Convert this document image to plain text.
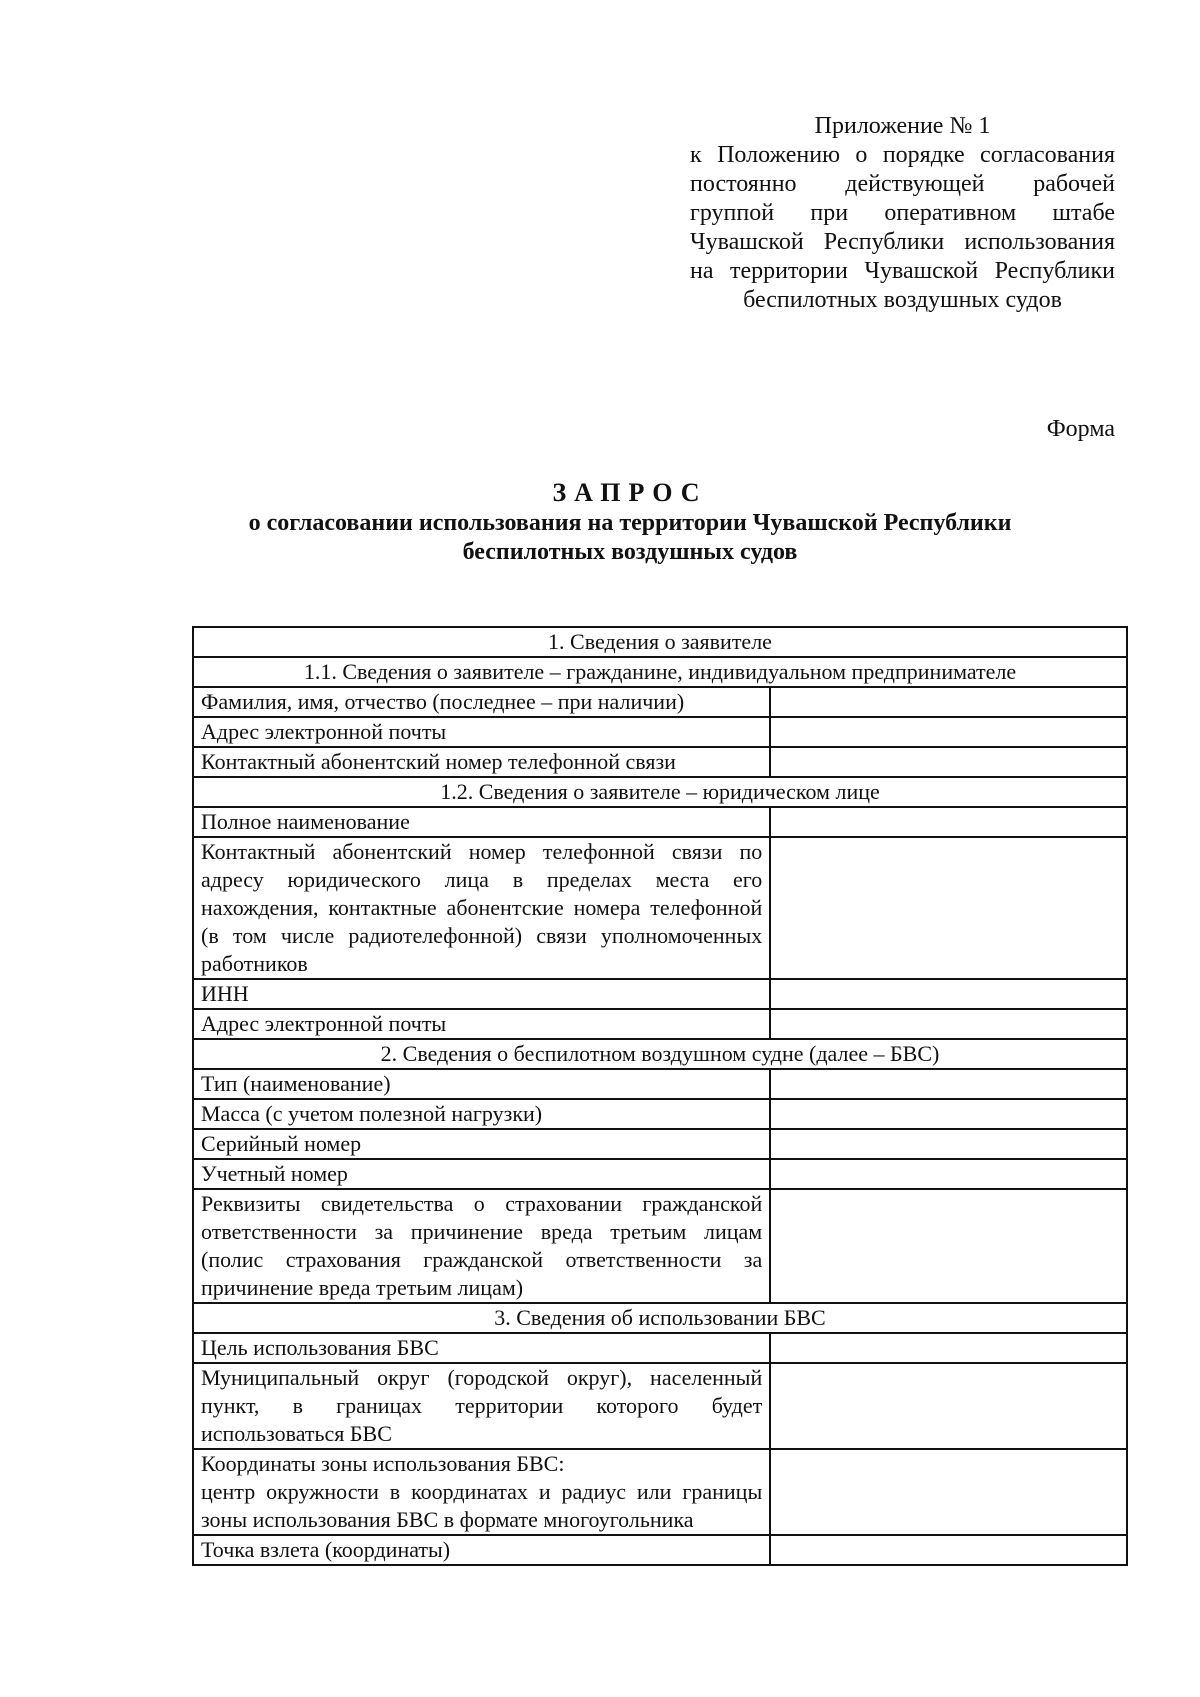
Приложение № 1
к Положению о порядке согласования постоянно действующей рабочей группой при оперативном штабе Чувашской Республики использования на территории Чувашской Республики беспилотных воздушных судов
Форма
ЗАПРОС
о согласовании использования на территории Чувашской Республики
беспилотных воздушных судов
1. Сведения о заявителе	
1.1. Сведения о заявителе – гражданине, индивидуальном предпринимателе	
Фамилия, имя, отчество (последнее – при наличии)	
Адрес электронной почты	
Контактный абонентский номер телефонной связи	
1.2. Сведения о заявителе – юридическом лице	
Полное наименование	
Контактный абонентский номер телефонной связи по адресу юридического лица в пределах места его нахождения, контактные абонентские номера телефонной (в том числе радиотелефонной) связи уполномоченных работников	
ИНН	
Адрес электронной почты	
2. Сведения о беспилотном воздушном судне (далее – БВС)	
Тип (наименование)	
Масса (с учетом полезной нагрузки)	
Серийный номер	
Учетный номер	
Реквизиты свидетельства о страховании гражданской ответственности за причинение вреда третьим лицам (полис страхования гражданской ответственности за причинение вреда третьим лицам)	
3. Сведения об использовании БВС	
Цель использования БВС	
Муниципальный округ (городской округ), населенный пункт, в границах территории которого будет использоваться БВС	

Координаты зоны использования БВС:
центр окружности в координатах и радиус или границы зоны использования БВС в формате многоугольника	

Точка взлета (координаты)	
